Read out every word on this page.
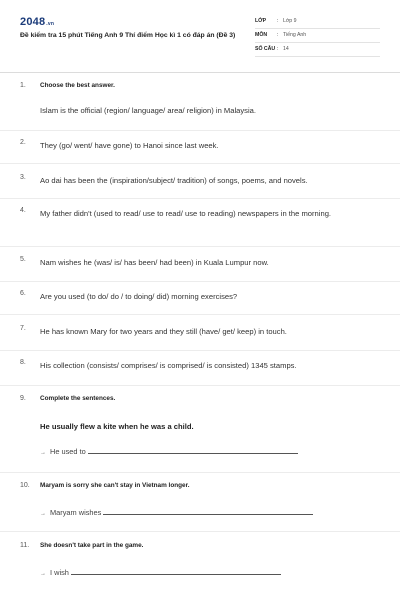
2048.vn
Đề kiểm tra 15 phút Tiếng Anh 9 Thí điểm Học kì 1 có đáp án (Đề 3)
LỚP : Lớp 9
MÔN : Tiếng Anh
SỐ CÂU : 14
1.	Choose the best answer.
Islam is the official (region/ language/ area/ religion) in Malaysia.
2.	They (go/ went/ have gone) to Hanoi since last week.
3.	Ao dai has been the (inspiration/subject/ tradition) of songs, poems, and novels.
4.	My father didn't (used to read/ use to read/ use to reading) newspapers in the morning.
5.	Nam wishes he (was/ is/ has been/ had been) in Kuala Lumpur now.
6.	Are you used (to do/ do / to doing/ did) morning exercises?
7.	He has known Mary for two years and they still (have/ get/ keep) in touch.
8.	His collection (consists/ comprises/ is comprised/ is consisted) 1345 stamps.
9.	Complete the sentences.
He usually flew a kite when he was a child.
→ He used to
10.	Maryam is sorry she can't stay in Vietnam longer.
→ Maryam wishes
11.	She doesn't take part in the game.
→ I wish
